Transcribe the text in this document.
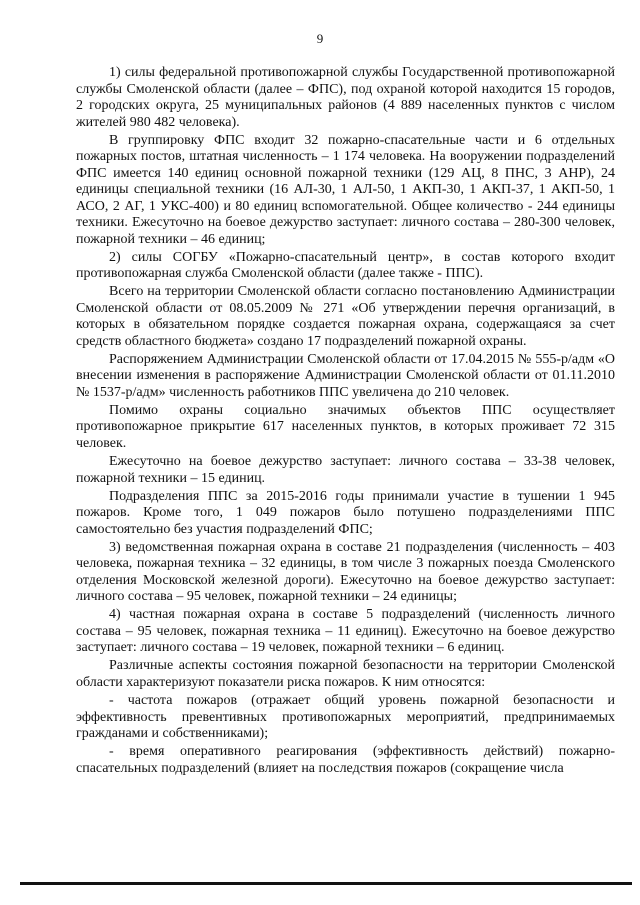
9

1) силы федеральной противопожарной службы Государственной противопожарной службы Смоленской области (далее – ФПС), под охраной которой находится 15 городов, 2 городских округа, 25 муниципальных районов (4 889 населенных пунктов с числом жителей 980 482 человека).

В группировку ФПС входит 32 пожарно-спасательные части и 6 отдельных пожарных постов, штатная численность – 1 174 человека. На вооружении подразделений ФПС имеется 140 единиц основной пожарной техники (129 АЦ, 8 ПНС, 3 АНР), 24 единицы специальной техники (16 АЛ-30, 1 АЛ-50, 1 АКП-30, 1 АКП-37, 1 АКП-50, 1 АСО, 2 АГ, 1 УКС-400) и 80 единиц вспомогательной. Общее количество - 244 единицы техники. Ежесуточно на боевое дежурство заступает: личного состава – 280-300 человек, пожарной техники – 46 единиц;

2) силы СОГБУ «Пожарно-спасательный центр», в состав которого входит противопожарная служба Смоленской области (далее также - ППС).

Всего на территории Смоленской области согласно постановлению Администрации Смоленской области от 08.05.2009 № 271 «Об утверждении перечня организаций, в которых в обязательном порядке создается пожарная охрана, содержащаяся за счет средств областного бюджета» создано 17 подразделений пожарной охраны.

Распоряжением Администрации Смоленской области от 17.04.2015 № 555-р/адм «О внесении изменения в распоряжение Администрации Смоленской области от 01.11.2010 № 1537-р/адм» численность работников ППС увеличена до 210 человек.

Помимо охраны социально значимых объектов ППС осуществляет противопожарное прикрытие 617 населенных пунктов, в которых проживает 72 315 человек.

Ежесуточно на боевое дежурство заступает: личного состава – 33-38 человек, пожарной техники – 15 единиц.

Подразделения ППС за 2015-2016 годы принимали участие в тушении 1 945 пожаров. Кроме того, 1 049 пожаров было потушено подразделениями ППС самостоятельно без участия подразделений ФПС;

3) ведомственная пожарная охрана в составе 21 подразделения (численность – 403 человека, пожарная техника – 32 единицы, в том числе 3 пожарных поезда Смоленского отделения Московской железной дороги). Ежесуточно на боевое дежурство заступает: личного состава – 95 человек, пожарной техники – 24 единицы;

4) частная пожарная охрана в составе 5 подразделений (численность личного состава – 95 человек, пожарная техника – 11 единиц). Ежесуточно на боевое дежурство заступает: личного состава – 19 человек, пожарной техники – 6 единиц.

Различные аспекты состояния пожарной безопасности на территории Смоленской области характеризуют показатели риска пожаров. К ним относятся:

- частота пожаров (отражает общий уровень пожарной безопасности и эффективность превентивных противопожарных мероприятий, предпринимаемых гражданами и собственниками);

- время оперативного реагирования (эффективность действий) пожарно-спасательных подразделений (влияет на последствия пожаров (сокращение числа
